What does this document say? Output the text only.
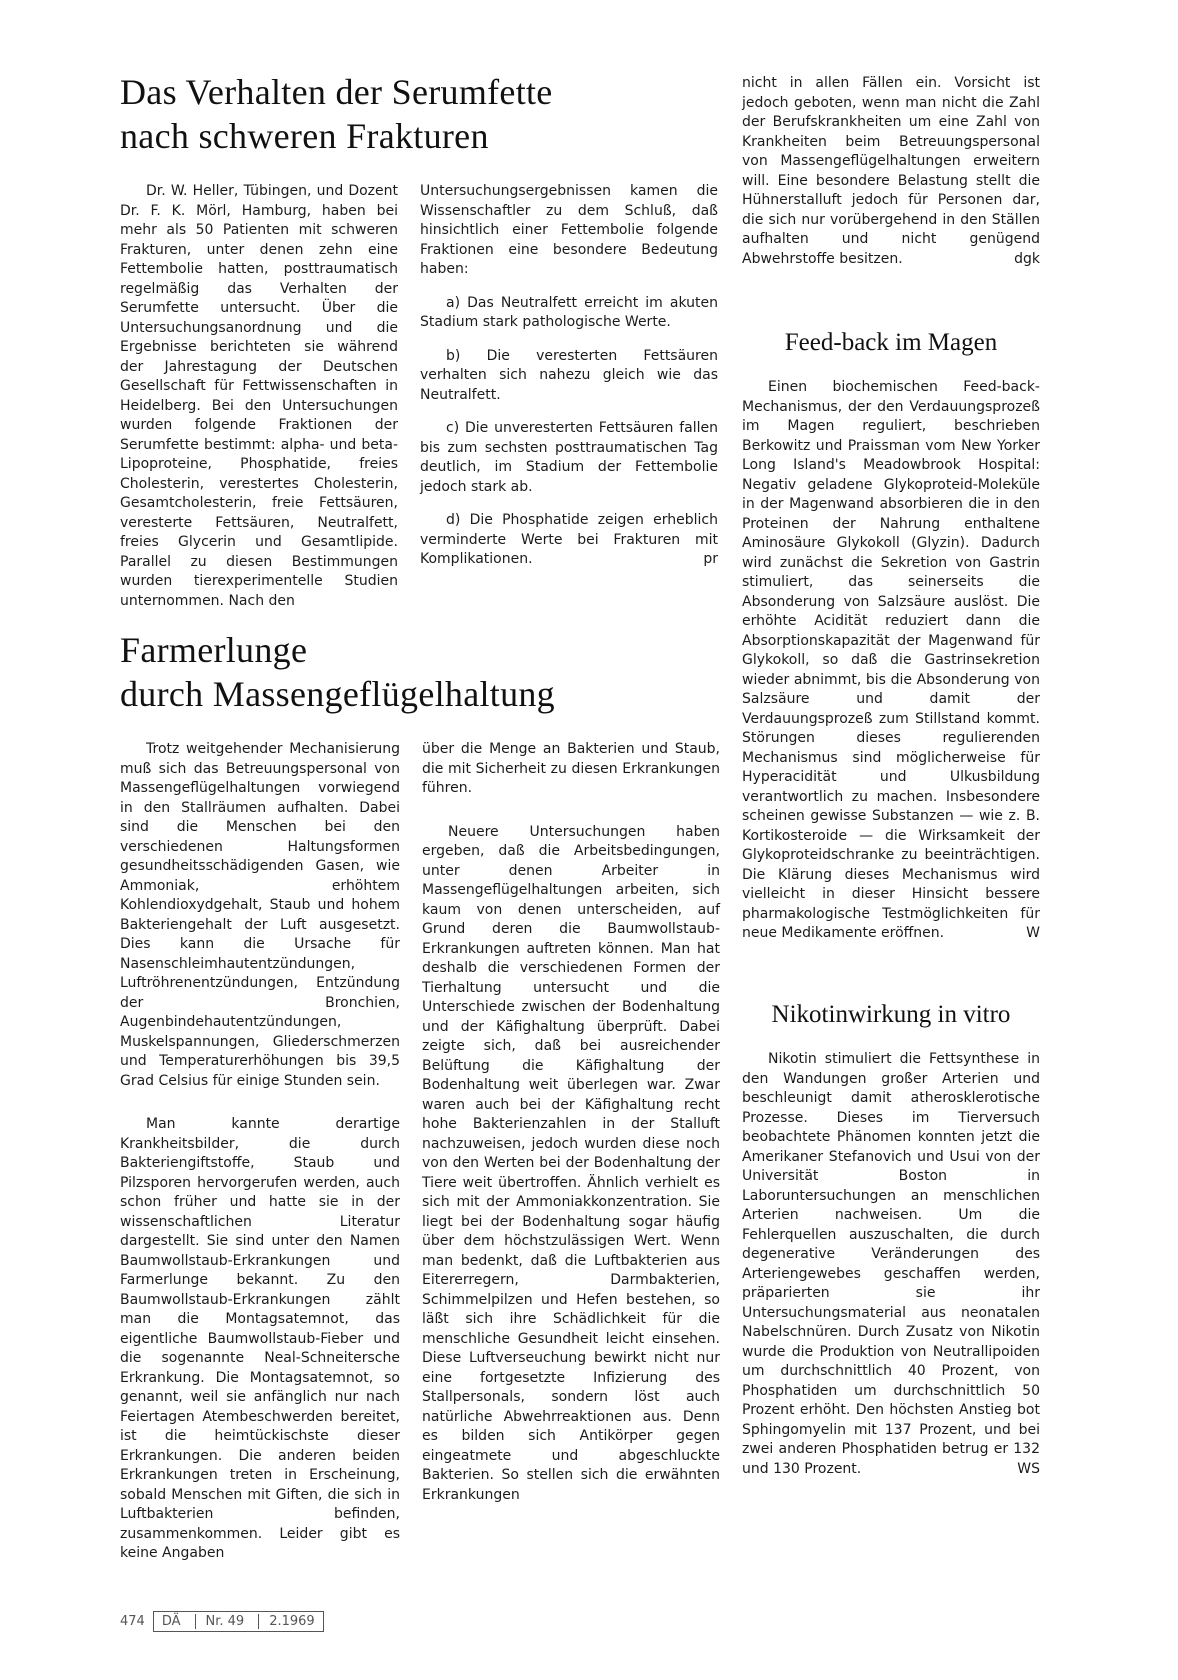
Das Verhalten der Serumfette
nach schweren Frakturen

Dr. W. Heller, Tübingen, und Dozent Dr. F. K. Mörl, Hamburg, haben bei mehr als 50 Patienten mit schweren Frakturen, unter denen zehn eine Fettembolie hatten, posttraumatisch regelmäßig das Verhalten der Serumfette untersucht. Über die Untersuchungsanordnung und die Ergebnisse berichteten sie während der Jahrestagung der Deutschen Gesellschaft für Fettwissenschaften in Heidelberg. Bei den Untersuchungen wurden folgende Fraktionen der Serumfette bestimmt: alpha- und beta-Lipoproteine, Phosphatide, freies Cholesterin, verestertes Cholesterin, Gesamtcholesterin, freie Fettsäuren, veresterte Fettsäuren, Neutralfett, freies Glycerin und Gesamtlipide. Parallel zu diesen Bestimmungen wurden tierexperimentelle Studien unternommen. Nach den

Untersuchungsergebnissen kamen die Wissenschaftler zu dem Schluß, daß hinsichtlich einer Fettembolie folgende Fraktionen eine besondere Bedeutung haben:

a) Das Neutralfett erreicht im akuten Stadium stark pathologische Werte.

b) Die veresterten Fettsäuren verhalten sich nahezu gleich wie das Neutralfett.

c) Die unveresterten Fettsäuren fallen bis zum sechsten posttraumatischen Tag deutlich, im Stadium der Fettembolie jedoch stark ab.

d) Die Phosphatide zeigen erheblich verminderte Werte bei Frakturen mit Komplikationen.	pr
Farmerlunge
durch Massengeflügelhaltung

Trotz weitgehender Mechanisierung muß sich das Betreuungspersonal von Massengeflügelhaltungen vorwiegend in den Stallräumen aufhalten. Dabei sind die Menschen bei den verschiedenen Haltungsformen gesundheitsschädigenden Gasen, wie Ammoniak, erhöhtem Kohlendioxydgehalt, Staub und hohem Bakteriengehalt der Luft ausgesetzt. Dies kann die Ursache für Nasenschleimhautentzündungen, Luftröhrenentzündungen, Entzündung der Bronchien, Augenbindehautentzündungen, Muskelspannungen, Gliederschmerzen und Temperaturerhöhungen bis 39,5 Grad Celsius für einige Stunden sein.

Man kannte derartige Krankheitsbilder, die durch Bakteriengiftstoffe, Staub und Pilzsporen hervorgerufen werden, auch schon früher und hatte sie in der wissenschaftlichen Literatur dargestellt. Sie sind unter den Namen Baumwollstaub-Erkrankungen und Farmerlunge bekannt. Zu den Baumwollstaub-Erkrankungen zählt man die Montagsatemnot, das eigentliche Baumwollstaub-Fieber und die sogenannte Neal-Schneitersche Erkrankung. Die Montagsatemnot, so genannt, weil sie anfänglich nur nach Feiertagen Atembeschwerden bereitet, ist die heimtückischste dieser Erkrankungen. Die anderen beiden Erkrankungen treten in Erscheinung, sobald Menschen mit Giften, die sich in Luftbakterien befinden, zusammenkommen. Leider gibt es keine Angaben

über die Menge an Bakterien und Staub, die mit Sicherheit zu diesen Erkrankungen führen.

Neuere Untersuchungen haben ergeben, daß die Arbeitsbedingungen, unter denen Arbeiter in Massengeflügelhaltungen arbeiten, sich kaum von denen unterscheiden, auf Grund deren die Baumwollstaub-Erkrankungen auftreten können. Man hat deshalb die verschiedenen Formen der Tierhaltung untersucht und die Unterschiede zwischen der Bodenhaltung und der Käfighaltung überprüft. Dabei zeigte sich, daß bei ausreichender Belüftung die Käfighaltung der Bodenhaltung weit überlegen war. Zwar waren auch bei der Käfighaltung recht hohe Bakterienzahlen in der Stalluft nachzuweisen, jedoch wurden diese noch von den Werten bei der Bodenhaltung der Tiere weit übertroffen. Ähnlich verhielt es sich mit der Ammoniakkonzentration. Sie liegt bei der Bodenhaltung sogar häufig über dem höchstzulässigen Wert. Wenn man bedenkt, daß die Luftbakterien aus Eitererregern, Darmbakterien, Schimmelpilzen und Hefen bestehen, so läßt sich ihre Schädlichkeit für die menschliche Gesundheit leicht einsehen. Diese Luftverseuchung bewirkt nicht nur eine fortgesetzte Infizierung des Stallpersonals, sondern löst auch natürliche Abwehrreaktionen aus. Denn es bilden sich Antikörper gegen eingeatmete und abgeschluckte Bakterien. So stellen sich die erwähnten Erkrankungen

nicht in allen Fällen ein. Vorsicht ist jedoch geboten, wenn man nicht die Zahl der Berufskrankheiten um eine Zahl von Krankheiten beim Betreuungspersonal von Massengeflügelhaltungen erweitern will. Eine besondere Belastung stellt die Hühnerstalluft jedoch für Personen dar, die sich nur vorübergehend in den Ställen aufhalten und nicht genügend Abwehrstoffe besitzen.	dgk
Feed-back im Magen

Einen biochemischen Feed-back-Mechanismus, der den Verdauungsprozeß im Magen reguliert, beschrieben Berkowitz und Praissman vom New Yorker Long Island's Meadowbrook Hospital: Negativ geladene Glykoproteid-Moleküle in der Magenwand absorbieren die in den Proteinen der Nahrung enthaltene Aminosäure Glykokoll (Glyzin). Dadurch wird zunächst die Sekretion von Gastrin stimuliert, das seinerseits die Absonderung von Salzsäure auslöst. Die erhöhte Acidität reduziert dann die Absorptionskapazität der Magenwand für Glykokoll, so daß die Gastrinsekretion wieder abnimmt, bis die Absonderung von Salzsäure und damit der Verdauungsprozeß zum Stillstand kommt. Störungen dieses regulierenden Mechanismus sind möglicherweise für Hyperacidität und Ulkusbildung verantwortlich zu machen. Insbesondere scheinen gewisse Substanzen — wie z. B. Kortikosteroide — die Wirksamkeit der Glykoproteidschranke zu beeinträchtigen. Die Klärung dieses Mechanismus wird vielleicht in dieser Hinsicht bessere pharmakologische Testmöglichkeiten für neue Medikamente eröffnen.	W
Nikotinwirkung in vitro

Nikotin stimuliert die Fettsynthese in den Wandungen großer Arterien und beschleunigt damit atherosklerotische Prozesse. Dieses im Tierversuch beobachtete Phänomen konnten jetzt die Amerikaner Stefanovich und Usui von der Universität Boston in Laboruntersuchungen an menschlichen Arterien nachweisen. Um die Fehlerquellen auszuschalten, die durch degenerative Veränderungen des Arteriengewebes geschaffen werden, präparierten sie ihr Untersuchungsmaterial aus neonatalen Nabelschnüren. Durch Zusatz von Nikotin wurde die Produktion von Neutrallipoiden um durchschnittlich 40 Prozent, von Phosphatiden um durchschnittlich 50 Prozent erhöht. Den höchsten Anstieg bot Sphingomyelin mit 137 Prozent, und bei zwei anderen Phosphatiden betrug er 132 und 130 Prozent.	WS
474 DÄ	Nr. 49	2.1969
